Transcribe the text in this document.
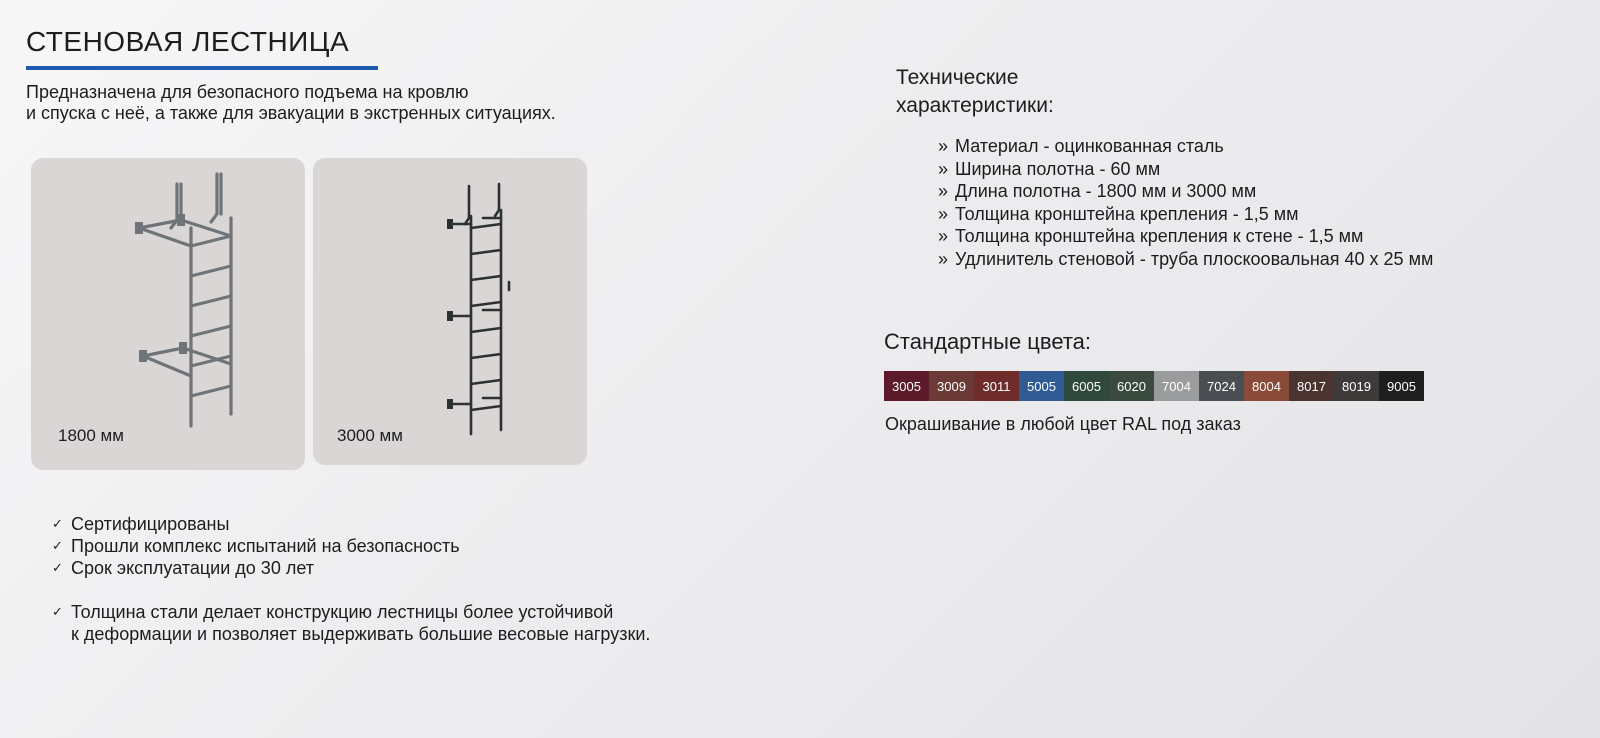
СТЕНОВАЯ ЛЕСТНИЦА
Предназначена для безопасного подъема на кровлю
и спуска с неё, а также для эвакуации в экстренных ситуациях.
1800 мм	3000 мм
✓ Сертифицированы
✓ Прошли комплекс испытаний на безопасность
✓ Срок эксплуатации до 30 лет
✓ Толщина стали делает конструкцию лестницы более устойчивой
к деформации и позволяет выдерживать большие весовые нагрузки.
Технические
характеристики:
» Материал - оцинкованная сталь
» Ширина полотна - 60 мм
» Длина полотна - 1800 мм и 3000 мм
» Толщина кронштейна крепления - 1,5 мм
» Толщина кронштейна крепления к стене - 1,5 мм
» Удлинитель стеновой - труба плоскоовальная 40 х 25 мм
Стандартные цвета:
3005	3009	3011	5005	6005	6020	7004	7024	8004	8017	8019	9005
Окрашивание в любой цвет RAL под заказ
